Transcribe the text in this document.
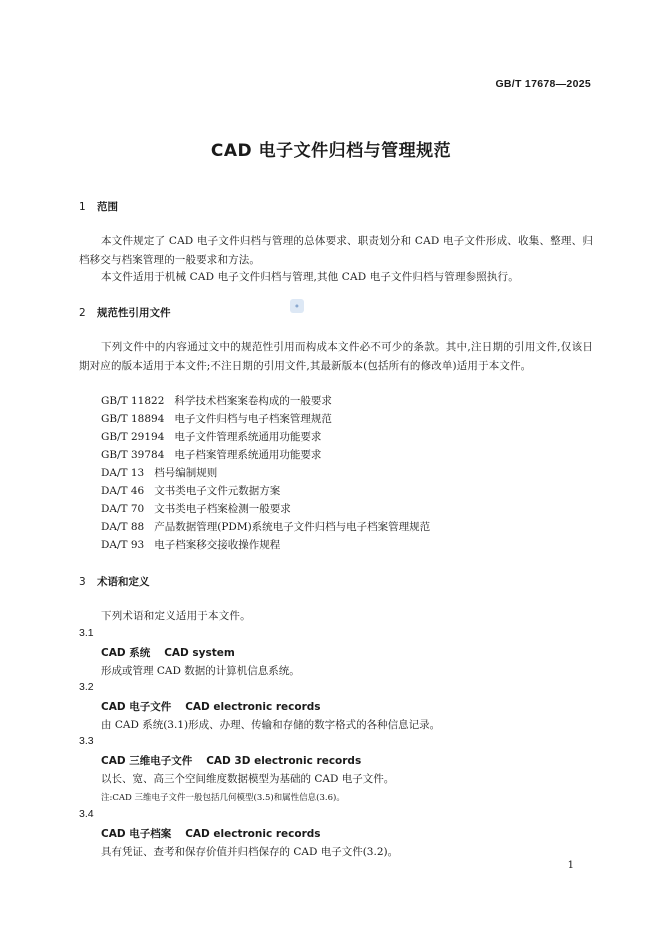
GB/T 17678—2025
CAD 电子文件归档与管理规范
1 范围
本文件规定了 CAD 电子文件归档与管理的总体要求、职责划分和 CAD 电子文件形成、收集、整理、归档移交与档案管理的一般要求和方法。
本文件适用于机械 CAD 电子文件归档与管理,其他 CAD 电子文件归档与管理参照执行。
2 规范性引用文件
●
下列文件中的内容通过文中的规范性引用而构成本文件必不可少的条款。其中,注日期的引用文件,仅该日期对应的版本适用于本文件;不注日期的引用文件,其最新版本(包括所有的修改单)适用于本文件。
GB/T 11822 科学技术档案案卷构成的一般要求
GB/T 18894 电子文件归档与电子档案管理规范
GB/T 29194 电子文件管理系统通用功能要求
GB/T 39784 电子档案管理系统通用功能要求
DA/T 13 档号编制规则
DA/T 46 文书类电子文件元数据方案
DA/T 70 文书类电子档案检测一般要求
DA/T 88 产品数据管理(PDM)系统电子文件归档与电子档案管理规范
DA/T 93 电子档案移交接收操作规程
3 术语和定义
下列术语和定义适用于本文件。
3.1
CAD 系统 CAD system
形成或管理 CAD 数据的计算机信息系统。
3.2
CAD 电子文件 CAD electronic records
由 CAD 系统(3.1)形成、办理、传输和存储的数字格式的各种信息记录。
3.3
CAD 三维电子文件 CAD 3D electronic records
以长、宽、高三个空间维度数据模型为基础的 CAD 电子文件。
注:CAD 三维电子文件一般包括几何模型(3.5)和属性信息(3.6)。
3.4
CAD 电子档案 CAD electronic records
具有凭证、查考和保存价值并归档保存的 CAD 电子文件(3.2)。
1
